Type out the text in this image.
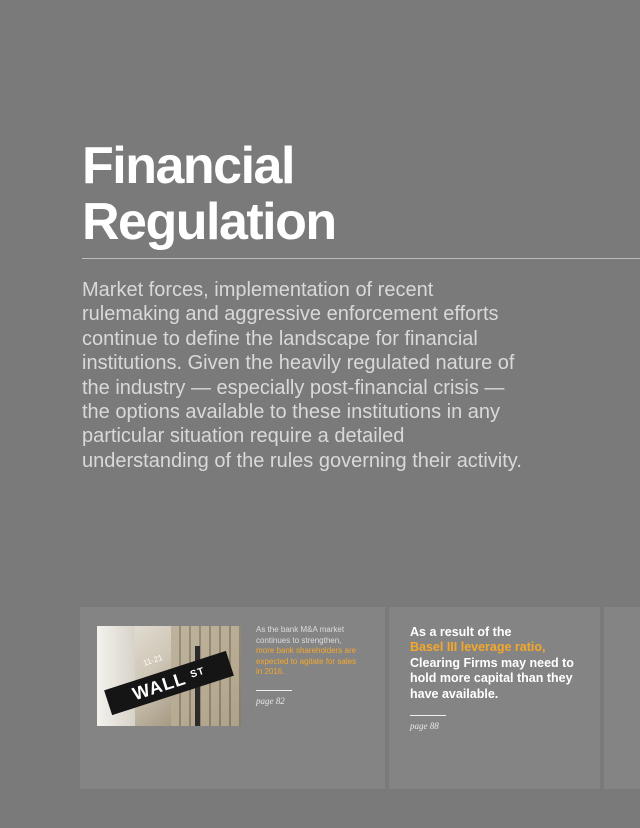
Financial
Regulation

Market forces, implementation of recent rulemaking and aggressive enforcement efforts continue to define the landscape for financial institutions. Given the heavily regulated nature of the industry — especially post-financial crisis — the options available to these institutions in any particular situation require a detailed understanding of the rules governing their activity.

11-21
WALL $^{ST}$

As the bank M&A market continues to strengthen, more bank shareholders are expected to agitate for sales in 2016.

page 82

As a result of the
Basel III leverage ratio,
Clearing Firms may need to hold more capital than they have available.

page 88
